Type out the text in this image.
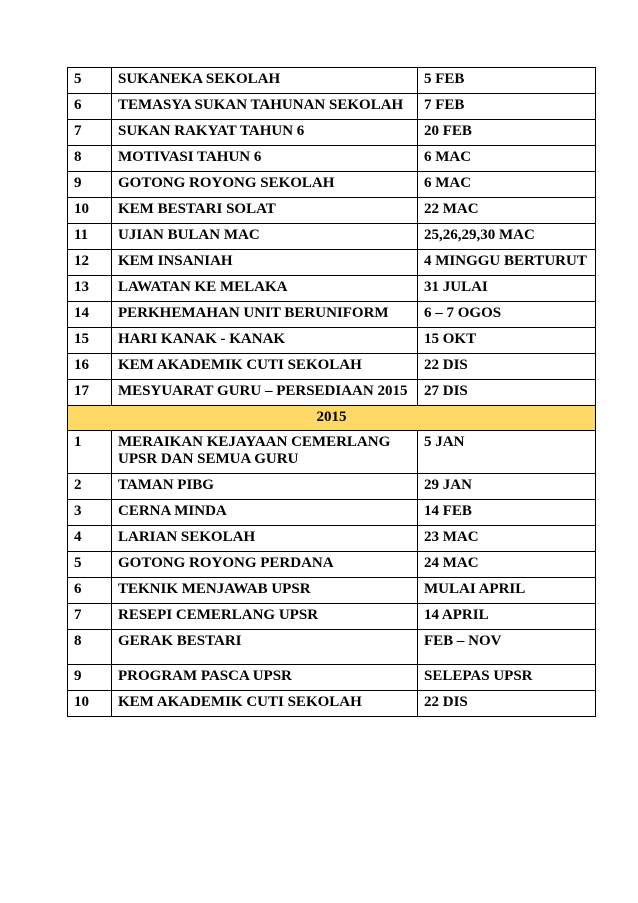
5	SUKANEKA SEKOLAH	5 FEB
6	TEMASYA SUKAN TAHUNAN SEKOLAH	7 FEB
7	SUKAN RAKYAT TAHUN 6	20 FEB
8	MOTIVASI TAHUN 6	6 MAC
9	GOTONG ROYONG SEKOLAH	6 MAC
10	KEM BESTARI SOLAT	22 MAC
11	UJIAN BULAN MAC	25,26,29,30 MAC
12	KEM INSANIAH	4 MINGGU BERTURUT
13	LAWATAN KE MELAKA	31 JULAI
14	PERKHEMAHAN UNIT BERUNIFORM	6 – 7 OGOS
15	HARI KANAK - KANAK	15 OKT
16	KEM AKADEMIK CUTI SEKOLAH	22 DIS
17	MESYUARAT GURU – PERSEDIAAN 2015	27 DIS
2015		
1	MERAIKAN KEJAYAAN CEMERLANG UPSR DAN SEMUA GURU	5 JAN
2	TAMAN PIBG	29 JAN
3	CERNA MINDA	14 FEB
4	LARIAN SEKOLAH	23 MAC
5	GOTONG ROYONG PERDANA	24 MAC
6	TEKNIK MENJAWAB UPSR	MULAI APRIL
7	RESEPI CEMERLANG UPSR	14 APRIL
8	GERAK BESTARI	FEB – NOV
9	PROGRAM PASCA UPSR	SELEPAS UPSR
10	KEM AKADEMIK CUTI SEKOLAH	22 DIS
